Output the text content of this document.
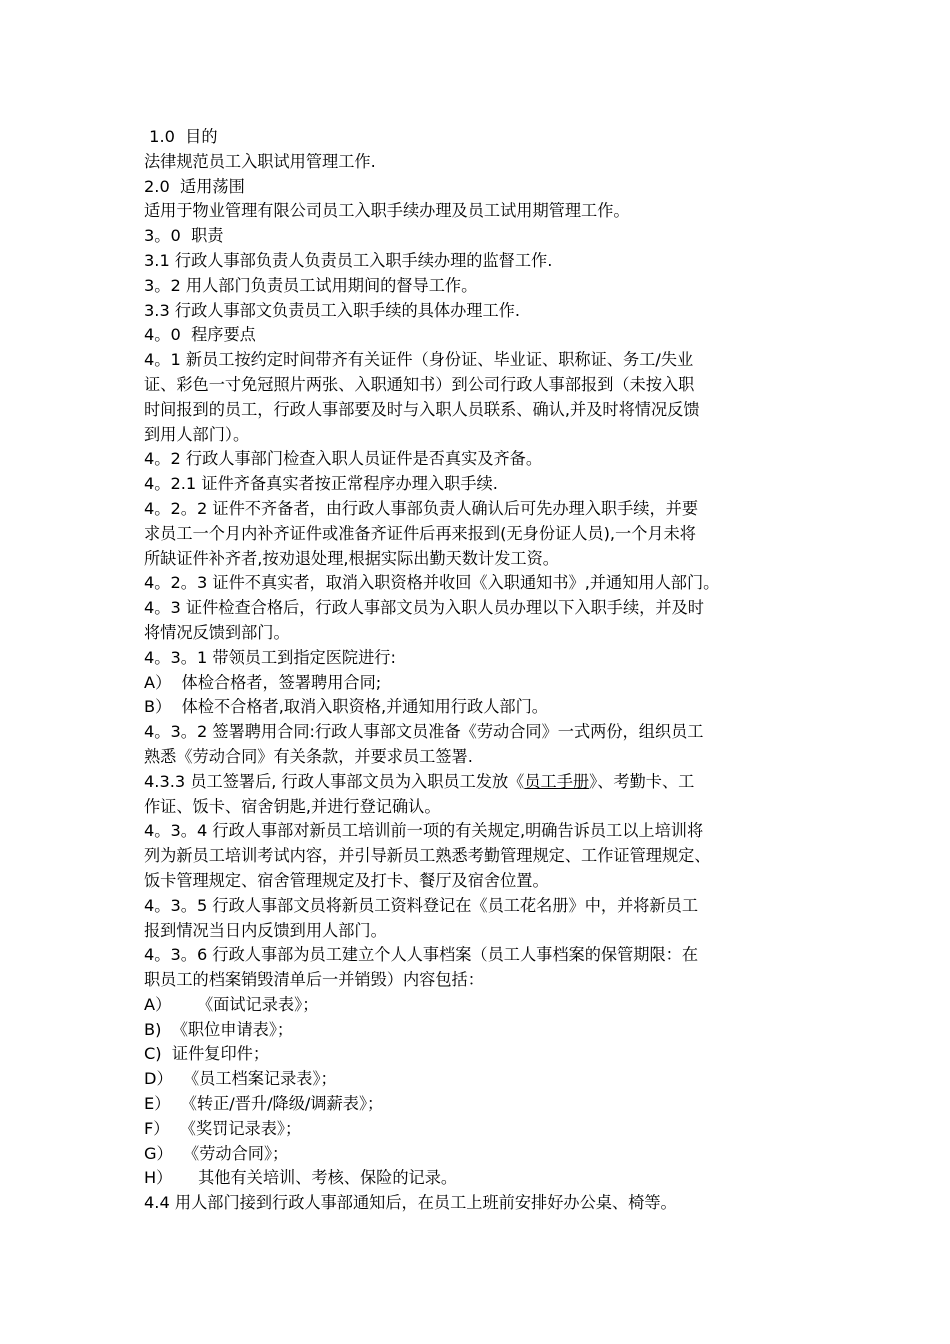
1.0  目的
法律规范员工入职试用管理工作.
2.0  适用荡围
适用于物业管理有限公司员工入职手续办理及员工试用期管理工作。
3。0  职责
3.1 行政人事部负责人负责员工入职手续办理的监督工作.
3。2 用人部门负责员工试用期间的督导工作。
3.3 行政人事部文负责员工入职手续的具体办理工作.
4。0  程序要点
4。1 新员工按约定时间带齐有关证件（身份证、毕业证、职称证、务工/失业
证、彩色一寸免冠照片两张、入职通知书）到公司行政人事部报到（未按入职
时间报到的员工，行政人事部要及时与入职人员联系、确认,并及时将情况反馈
到用人部门）。
4。2 行政人事部门检查入职人员证件是否真实及齐备。
4。2.1 证件齐备真实者按正常程序办理入职手续.
4。2。2 证件不齐备者，由行政人事部负责人确认后可先办理入职手续，并要
求员工一个月内补齐证件或准备齐证件后再来报到(无身份证人员),一个月未将
所缺证件补齐者,按劝退处理,根据实际出勤天数计发工资。
4。2。3 证件不真实者，取消入职资格并收回《入职通知书》,并通知用人部门。
4。3 证件检查合格后，行政人事部文员为入职人员办理以下入职手续，并及时
将情况反馈到部门。
4。3。1 带领员工到指定医院进行:
A）  体检合格者，签署聘用合同;
B）  体检不合格者,取消入职资格,并通知用行政人部门。
4。3。2 签署聘用合同:行政人事部文员准备《劳动合同》一式两份，组织员工
熟悉《劳动合同》有关条款，并要求员工签署.
4.3.3 员工签署后, 行政人事部文员为入职员工发放《员工手册》、考勤卡、工
作证、饭卡、宿舍钥匙,并进行登记确认。
4。3。4 行政人事部对新员工培训前一项的有关规定,明确告诉员工以上培训将
列为新员工培训考试内容，并引导新员工熟悉考勤管理规定、工作证管理规定、
饭卡管理规定、宿舍管理规定及打卡、餐厅及宿舍位置。
4。3。5 行政人事部文员将新员工资料登记在《员工花名册》中，并将新员工
报到情况当日内反馈到用人部门。
4。3。6 行政人事部为员工建立个人人事档案（员工人事档案的保管期限：在
职员工的档案销毁清单后一并销毁）内容包括：
A）     《面试记录表》；
B)  《职位申请表》；
C)  证件复印件；
D）  《员工档案记录表》；
E）  《转正/晋升/降级/调薪表》；
F）  《奖罚记录表》；
G）  《劳动合同》；
H）     其他有关培训、考核、保险的记录。
4.4 用人部门接到行政人事部通知后，在员工上班前安排好办公桌、椅等。
